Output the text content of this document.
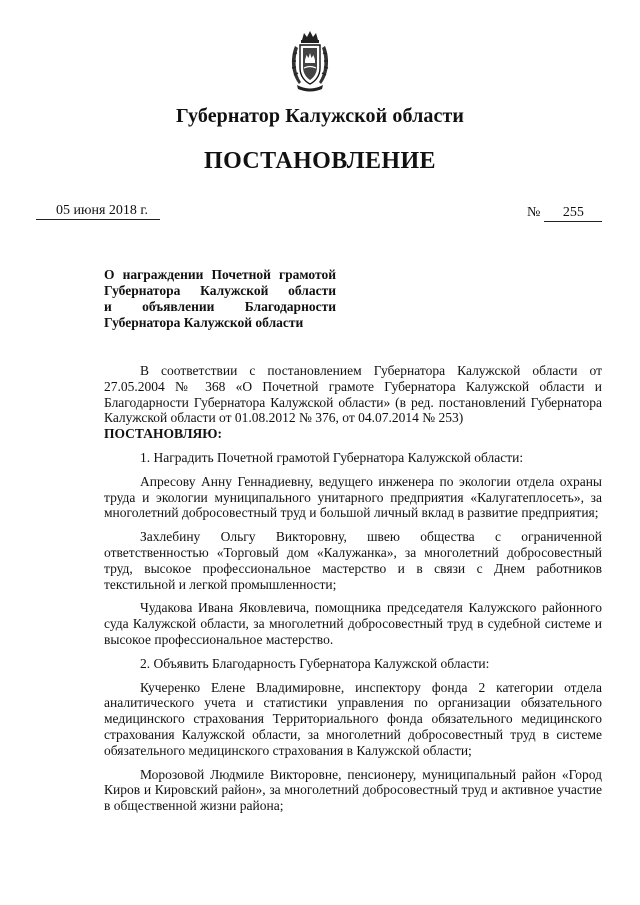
Губернатор Калужской области
ПОСТАНОВЛЕНИЕ
05 июня 2018 г.	№ 255
О награждении Почетной грамотой
Губернатора Калужской области
и объявлении Благодарности
Губернатора Калужской области

В соответствии с постановлением Губернатора Калужской области от 27.05.2004 № 368 «О Почетной грамоте Губернатора Калужской области и Благодарности Губернатора Калужской области» (в ред. постановлений Губернатора Калужской области от 01.08.2012 № 376, от 04.07.2014 № 253)

ПОСТАНОВЛЯЮ:

1. Наградить Почетной грамотой Губернатора Калужской области:

Апресову Анну Геннадиевну, ведущего инженера по экологии отдела охраны труда и экологии муниципального унитарного предприятия «Калугатеплосеть», за многолетний добросовестный труд и большой личный вклад в развитие предприятия;

Захлебину Ольгу Викторовну, швею общества с ограниченной ответственностью «Торговый дом «Калужанка», за многолетний добросовестный труд, высокое профессиональное мастерство и в связи с Днем работников текстильной и легкой промышленности;

Чудакова Ивана Яковлевича, помощника председателя Калужского районного суда Калужской области, за многолетний добросовестный труд в судебной системе и высокое профессиональное мастерство.

2. Объявить Благодарность Губернатора Калужской области:

Кучеренко Елене Владимировне, инспектору фонда 2 категории отдела аналитического учета и статистики управления по организации обязательного медицинского страхования Территориального фонда обязательного медицинского страхования Калужской области, за многолетний добросовестный труд в системе обязательного медицинского страхования в Калужской области;

Морозовой Людмиле Викторовне, пенсионеру, муниципальный район «Город Киров и Кировский район», за многолетний добросовестный труд и активное участие в общественной жизни района;
